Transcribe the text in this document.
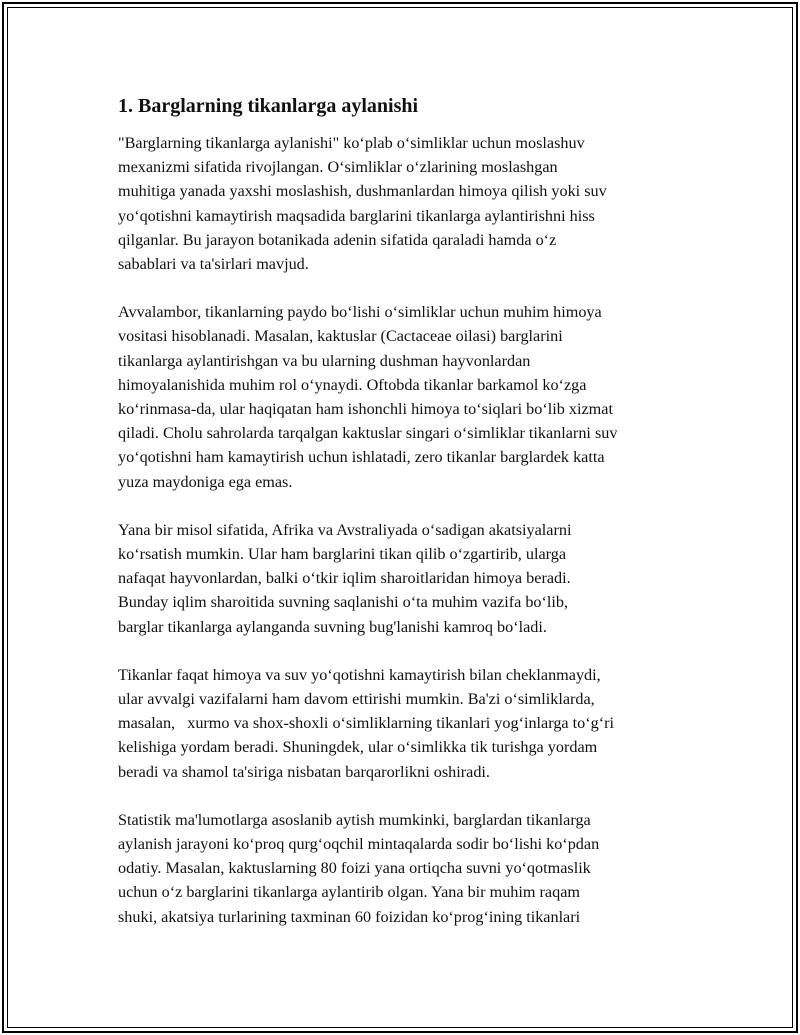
1. Barglarning tikanlarga aylanishi

"Barglarning tikanlarga aylanishi" ko‘plab o‘simliklar uchun moslashuv
mexanizmi sifatida rivojlangan. O‘simliklar o‘zlarining moslashgan
muhitiga yanada yaxshi moslashish, dushmanlardan himoya qilish yoki suv
yo‘qotishni kamaytirish maqsadida barglarini tikanlarga aylantirishni hiss
qilganlar. Bu jarayon botanikada adenin sifatida qaraladi hamda o‘z
sabablari va ta'sirlari mavjud.

Avvalambor, tikanlarning paydo bo‘lishi o‘simliklar uchun muhim himoya
vositasi hisoblanadi. Masalan, kaktuslar (Cactaceae oilasi) barglarini
tikanlarga aylantirishgan va bu ularning dushman hayvonlardan
himoyalanishida muhim rol o‘ynaydi. Oftobda tikanlar barkamol ko‘zga
ko‘rinmasa-da, ular haqiqatan ham ishonchli himoya to‘siqlari bo‘lib xizmat
qiladi. Cholu sahrolarda tarqalgan kaktuslar singari o‘simliklar tikanlarni suv
yo‘qotishni ham kamaytirish uchun ishlatadi, zero tikanlar barglardek katta
yuza maydoniga ega emas.

Yana bir misol sifatida, Afrika va Avstraliyada o‘sadigan akatsiyalarni
ko‘rsatish mumkin. Ular ham barglarini tikan qilib o‘zgartirib, ularga
nafaqat hayvonlardan, balki o‘tkir iqlim sharoitlaridan himoya beradi.
Bunday iqlim sharoitida suvning saqlanishi o‘ta muhim vazifa bo‘lib,
barglar tikanlarga aylanganda suvning bug'lanishi kamroq bo‘ladi.

Tikanlar faqat himoya va suv yo‘qotishni kamaytirish bilan cheklanmaydi,
ular avvalgi vazifalarni ham davom ettirishi mumkin. Ba'zi o‘simliklarda,
masalan,   xurmo va shox-shoxli o‘simliklarning tikanlari yog‘inlarga to‘g‘ri
kelishiga yordam beradi. Shuningdek, ular o‘simlikka tik turishga yordam
beradi va shamol ta'siriga nisbatan barqarorlikni oshiradi.

Statistik ma'lumotlarga asoslanib aytish mumkinki, barglardan tikanlarga
aylanish jarayoni ko‘proq qurg‘oqchil mintaqalarda sodir bo‘lishi ko‘pdan
odatiy. Masalan, kaktuslarning 80 foizi yana ortiqcha suvni yo‘qotmaslik
uchun o‘z barglarini tikanlarga aylantirib olgan. Yana bir muhim raqam
shuki, akatsiya turlarining taxminan 60 foizidan ko‘prog‘ining tikanlari
